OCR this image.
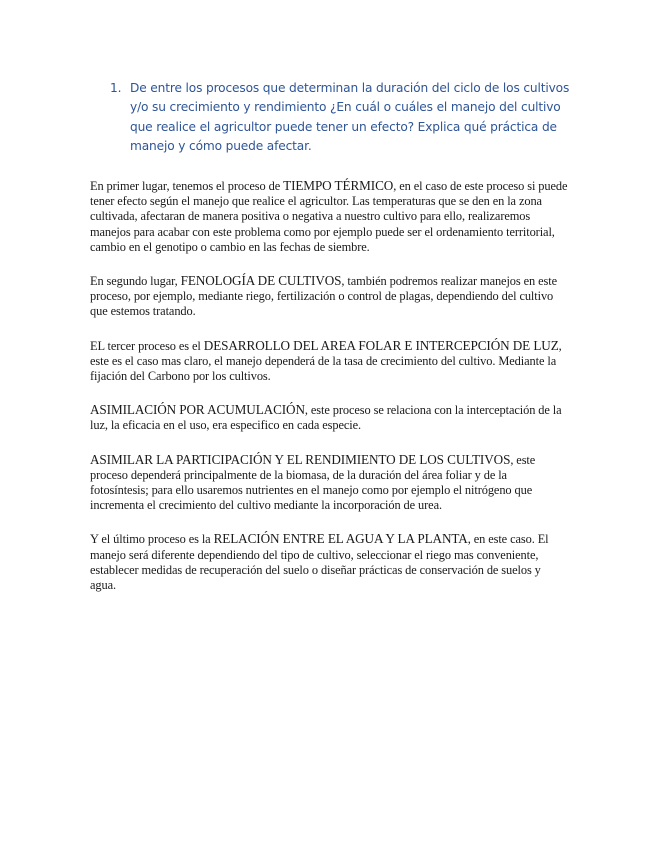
1. De entre los procesos que determinan la duración del ciclo de los cultivos y/o su crecimiento y rendimiento ¿En cuál o cuáles el manejo del cultivo que realice el agricultor puede tener un efecto? Explica qué práctica de manejo y cómo puede afectar.

En primer lugar, tenemos el proceso de TIEMPO TÉRMICO, en el caso de este proceso si puede tener efecto según el manejo que realice el agricultor. Las temperaturas que se den en la zona cultivada, afectaran de manera positiva o negativa a nuestro cultivo para ello, realizaremos manejos para acabar con este problema como por ejemplo puede ser el ordenamiento territorial, cambio en el genotipo o cambio en las fechas de siembre.

En segundo lugar, FENOLOGÍA DE CULTIVOS, también podremos realizar manejos en este proceso, por ejemplo, mediante riego, fertilización o control de plagas, dependiendo del cultivo que estemos tratando.

EL tercer proceso es el DESARROLLO DEL AREA FOLAR E INTERCEPCIÓN DE LUZ, este es el caso mas claro, el manejo dependerá de la tasa de crecimiento del cultivo. Mediante la fijación del Carbono por los cultivos.

ASIMILACIÓN POR ACUMULACIÓN, este proceso se relaciona con la interceptación de la luz, la eficacia en el uso, era especifico en cada especie.

ASIMILAR LA PARTICIPACIÓN Y EL RENDIMIENTO DE LOS CULTIVOS, este proceso dependerá principalmente de la biomasa, de la duración del área foliar y de la fotosíntesis; para ello usaremos nutrientes en el manejo como por ejemplo el nitrógeno que incrementa el crecimiento del cultivo mediante la incorporación de urea.

Y el último proceso es la RELACIÓN ENTRE EL AGUA Y LA PLANTA, en este caso. El manejo será diferente dependiendo del tipo de cultivo, seleccionar el riego mas conveniente, establecer medidas de recuperación del suelo o diseñar prácticas de conservación de suelos y agua.
